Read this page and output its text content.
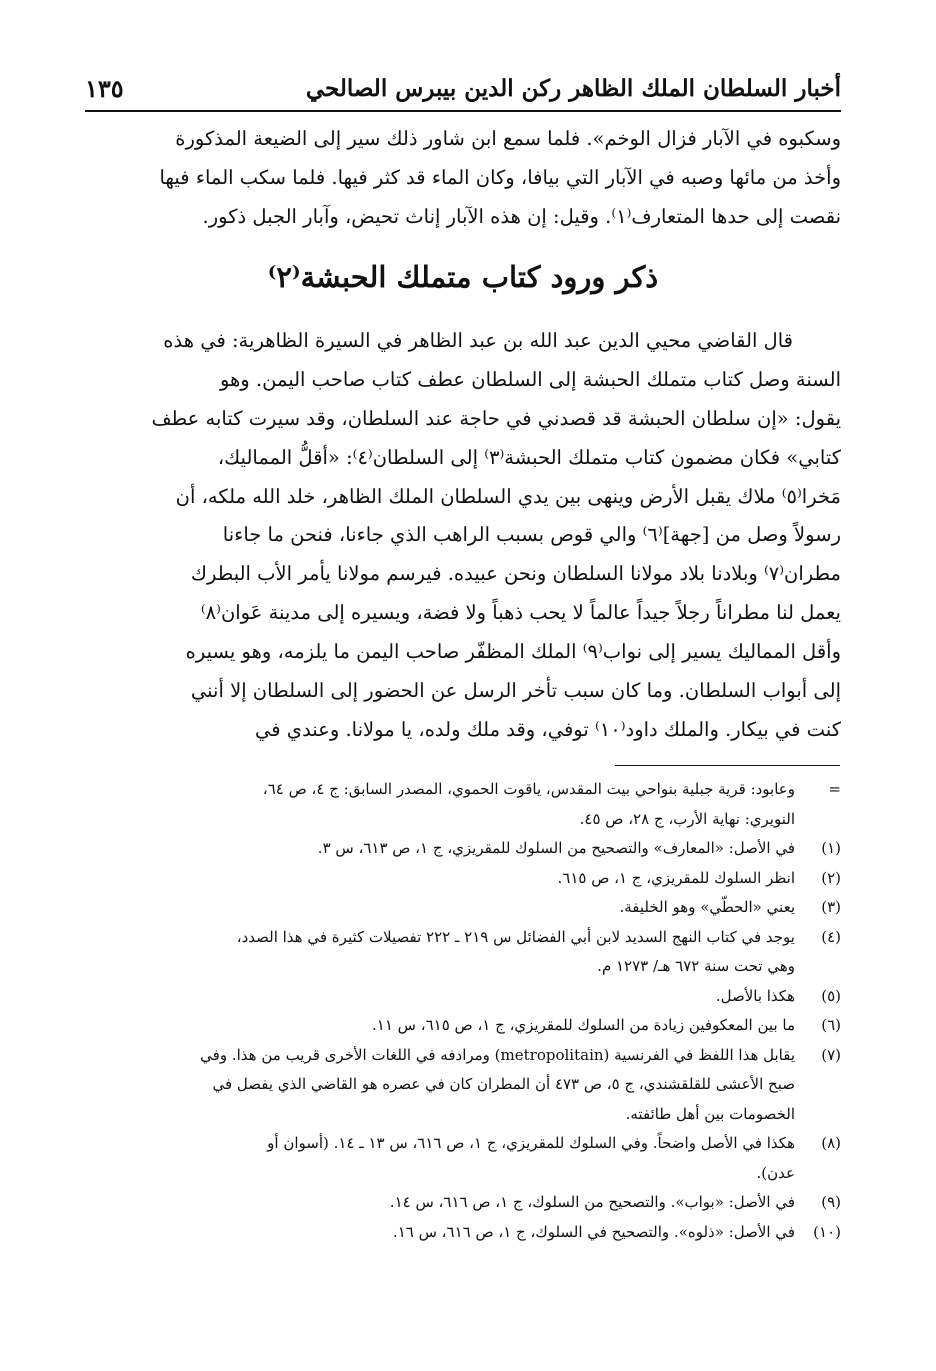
أخبار السلطان الملك الظاهر ركن الدين بيبرس الصالحي
١٣٥
وسكبوه في الآبار فزال الوخم». فلما سمع ابن شاور ذلك سير إلى الضيعة المذكورة
وأخذ من مائها وصبه في الآبار التي بيافا، وكان الماء قد كثر فيها. فلما سكب الماء فيها
نقصت إلى حدها المتعارف⁽١⁾. وقيل: إن هذه الآبار إناث تحيض، وآبار الجبل ذكور.
ذكر ورود كتاب متملك الحبشة⁽٢⁾
قال القاضي محيي الدين عبد الله بن عبد الظاهر في السيرة الظاهرية: في هذه
السنة وصل كتاب متملك الحبشة إلى السلطان عطف كتاب صاحب اليمن. وهو
يقول: «إن سلطان الحبشة قد قصدني في حاجة عند السلطان، وقد سيرت كتابه عطف
كتابي» فكان مضمون كتاب متملك الحبشة⁽٣⁾ إلى السلطان⁽٤⁾: «أقلُّ المماليك،
مَخرا⁽٥⁾ ملاك يقبل الأرض وينهى بين يدي السلطان الملك الظاهر، خلد الله ملكه، أن
رسولاً وصل من [جهة]⁽٦⁾ والي قوص بسبب الراهب الذي جاءنا، فنحن ما جاءنا
مطران⁽٧⁾ وبلادنا بلاد مولانا السلطان ونحن عبيده. فيرسم مولانا يأمر الأب البطرك
يعمل لنا مطراناً رجلاً جيداً عالماً لا يحب ذهباً ولا فضة، ويسيره إلى مدينة عَوان⁽٨⁾
وأقل المماليك يسير إلى نواب⁽٩⁾ الملك المظفّر صاحب اليمن ما يلزمه، وهو يسيره
إلى أبواب السلطان. وما كان سبب تأخر الرسل عن الحضور إلى السلطان إلا أنني
كنت في بيكار. والملك داود⁽١٠⁾ توفي، وقد ملك ولده، يا مولانا. وعندي في
=
وعابود: قرية جبلية بنواحي بيت المقدس، ياقوت الحموي، المصدر السابق: ج ٤، ص ٦٤،
النويري: نهاية الأرب، ج ٢٨، ص ٤٥.
(١)
في الأصل: «المعارف» والتصحيح من السلوك للمقريزي، ج ١، ص ٦١٣، س ٣.
(٢)
انظر السلوك للمقريزي، ج ١، ص ٦١٥.
(٣)
يعني «الحطّي» وهو الخليفة.
(٤)
يوجد في كتاب النهج السديد لابن أبي الفضائل س ٢١٩ ـ ٢٢٢ تفصيلات كثيرة في هذا الصدد،
وهي تحت سنة ٦٧٢ هـ/ ١٢٧٣ م.
(٥)
هكذا بالأصل.
(٦)
ما بين المعكوفين زيادة من السلوك للمقريزي، ج ١، ص ٦١٥، س ١١.
(٧)
يقابل هذا اللفظ في الفرنسية (metropolitain) ومرادفه في اللغات الأخرى قريب من هذا. وفي
صبح الأعشى للقلقشندي، ج ٥، ص ٤٧٣ أن المطران كان في عصره هو القاضي الذي يفصل في
الخصومات بين أهل طائفته.
(٨)
هكذا في الأصل واضحاً. وفي السلوك للمقريزي، ج ١، ص ٦١٦، س ١٣ ـ ١٤. (أسوان أو
عدن).
(٩)
في الأصل: «بواب». والتصحيح من السلوك، ج ١، ص ٦١٦، س ١٤.
(١٠)
في الأصل: «ذلوه». والتصحيح في السلوك، ج ١، ص ٦١٦، س ١٦.
